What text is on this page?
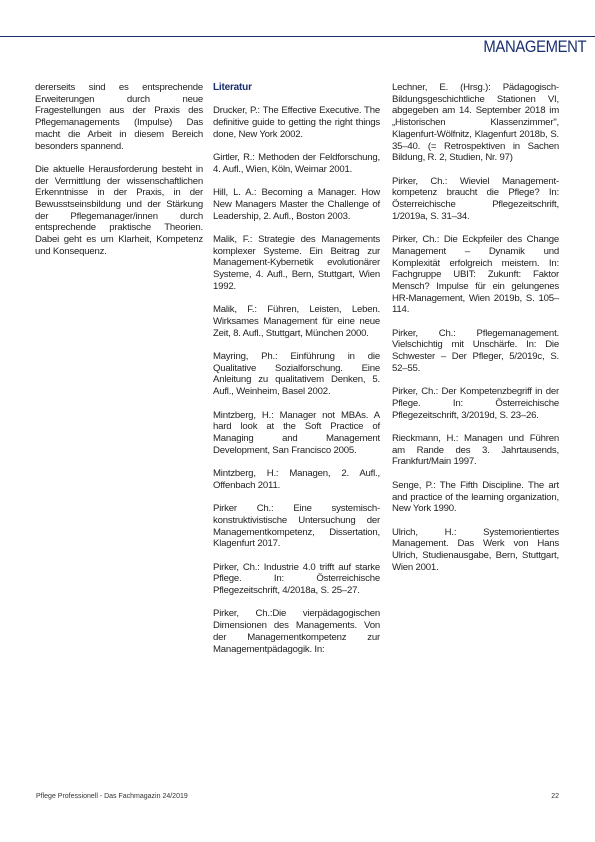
MANAGEMENT

dererseits sind es entsprechende Erweiterungen durch neue Fragestellungen aus der Praxis des Pflegemanagements (Impulse) Das macht die Arbeit in diesem Bereich besonders spannend.

Die aktuelle Herausforderung besteht in der Vermittlung der wissenschaftlichen Erkenntnisse in der Praxis, in der Bewusstseinsbildung und der Stärkung der Pflegemanager/innen durch entsprechende praktische Theorien. Dabei geht es um Klarheit, Kompetenz und Konsequenz.

Literatur

Drucker, P.: The Effective Executive. The definitive guide to getting the right things done, New York 2002.

Girtler, R.: Methoden der Feldforschung, 4. Aufl., Wien, Köln, Weimar 2001.

Hill, L. A.: Becoming a Manager. How New Managers Master the Challenge of Leadership, 2. Aufl., Boston 2003.

Malik, F.: Strategie des Managements komplexer Systeme. Ein Beitrag zur Management-Kybernetik evolutionärer Systeme, 4. Aufl., Bern, Stuttgart, Wien 1992.

Malik, F.: Führen, Leisten, Leben. Wirksames Management für eine neue Zeit, 8. Aufl., Stuttgart, München 2000.

Mayring, Ph.: Einführung in die Qualitative Sozialforschung. Eine Anleitung zu qualitativem Denken, 5. Aufl., Weinheim, Basel 2002.

Mintzberg, H.: Manager not MBAs. A hard look at the Soft Practice of Managing and Management Development, San Francisco 2005.

Mintzberg, H.: Managen, 2. Aufl., Offenbach 2011.

Pirker Ch.: Eine systemisch-konstruktivistische Untersuchung der Managementkompetenz, Dissertation, Klagenfurt 2017.

Pirker, Ch.: Industrie 4.0 trifft auf starke Pflege. In: Österreichische Pflegezeitschrift, 4/2018a, S. 25–27.

Pirker, Ch.:Die vierpädagogischen Dimensionen des Managements. Von der Managementkompetenz zur Managementpädagogik. In:

Lechner, E. (Hrsg.): Pädagogisch-Bildungsgeschichtliche Stationen VI, abgegeben am 14. September 2018 im „Historischen Klassenzimmer", Klagenfurt-Wölfnitz, Klagenfurt 2018b, S. 35–40. (= Retrospektiven in Sachen Bildung, R. 2, Studien, Nr. 97)

Pirker, Ch.: Wieviel Management-kompetenz braucht die Pflege? In: Österreichische Pflegezeitschrift, 1/2019a, S. 31–34.

Pirker, Ch.: Die Eckpfeiler des Change Management – Dynamik und Komplexität erfolgreich meistern. In: Fachgruppe UBIT: Zukunft: Faktor Mensch? Impulse für ein gelungenes HR-Management, Wien 2019b, S. 105–114.

Pirker, Ch.: Pflegemanagement. Vielschichtig mit Unschärfe. In: Die Schwester – Der Pfleger, 5/2019c, S. 52–55.

Pirker, Ch.: Der Kompetenzbegriff in der Pflege. In: Österreichische Pflegezeitschrift, 3/2019d, S. 23–26.

Rieckmann, H.: Managen und Führen am Rande des 3. Jahrtausends, Frankfurt/Main 1997.

Senge, P.: The Fifth Discipline. The art and practice of the learning organization, New York 1990.

Ulrich, H.: Systemorientiertes Management. Das Werk von Hans Ulrich, Studienausgabe, Bern, Stuttgart, Wien 2001.

Pflege Professionell - Das Fachmagazin 24/2019	22
